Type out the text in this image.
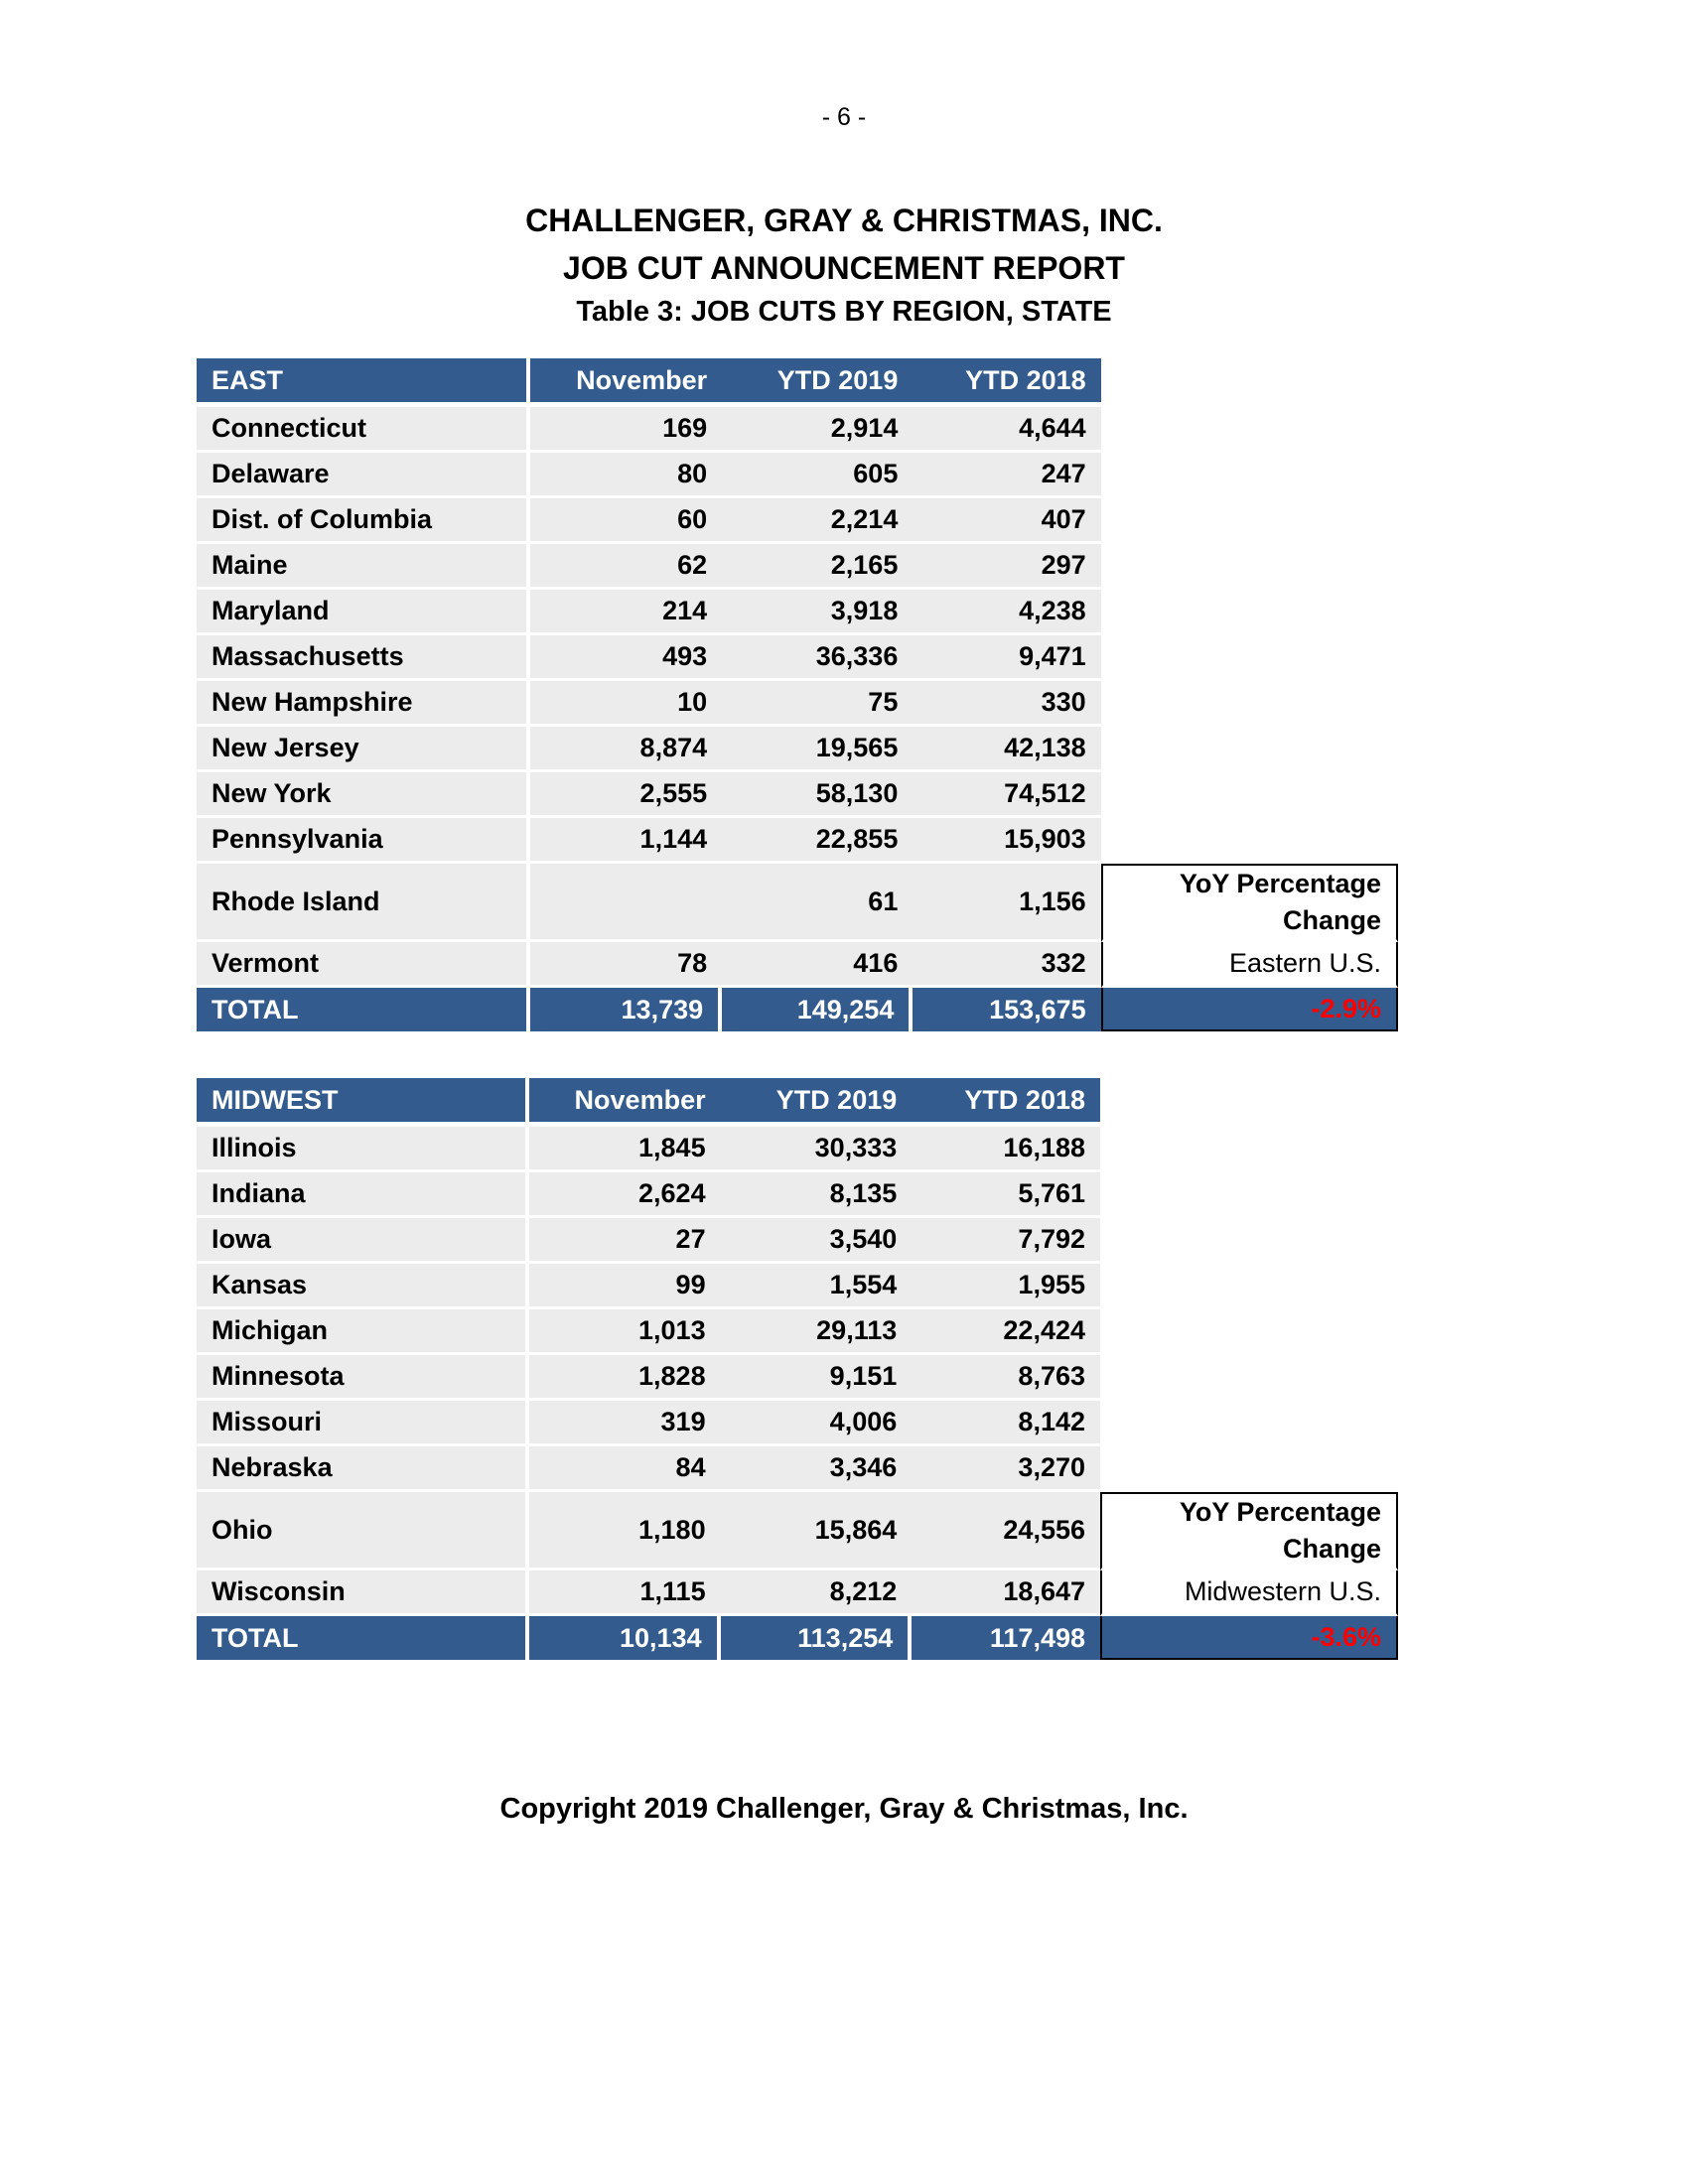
- 6 -
CHALLENGER, GRAY & CHRISTMAS, INC.
JOB CUT ANNOUNCEMENT REPORT
Table 3: JOB CUTS BY REGION, STATE
EAST	November	YTD 2019	YTD 2018	
Connecticut	169	2,914	4,644	
Delaware	80	605	247	
Dist. of Columbia	60	2,214	407	
Maine	62	2,165	297	
Maryland	214	3,918	4,238	
Massachusetts	493	36,336	9,471	
New Hampshire	10	75	330	
New Jersey	8,874	19,565	42,138	
New York	2,555	58,130	74,512	
Pennsylvania	1,144	22,855	15,903	
Rhode Island		61	1,156	YoY Percentage
Change

Vermont	78	416	332	Eastern U.S.
TOTAL	13,739	149,254	153,675	-2.9%
MIDWEST	November	YTD 2019	YTD 2018	
Illinois	1,845	30,333	16,188	
Indiana	2,624	8,135	5,761	
Iowa	27	3,540	7,792	
Kansas	99	1,554	1,955	
Michigan	1,013	29,113	22,424	
Minnesota	1,828	9,151	8,763	
Missouri	319	4,006	8,142	
Nebraska	84	3,346	3,270	
Ohio	1,180	15,864	24,556	YoY Percentage
Change

Wisconsin	1,115	8,212	18,647	Midwestern U.S.
TOTAL	10,134	113,254	117,498	-3.6%
Copyright 2019 Challenger, Gray & Christmas, Inc.
